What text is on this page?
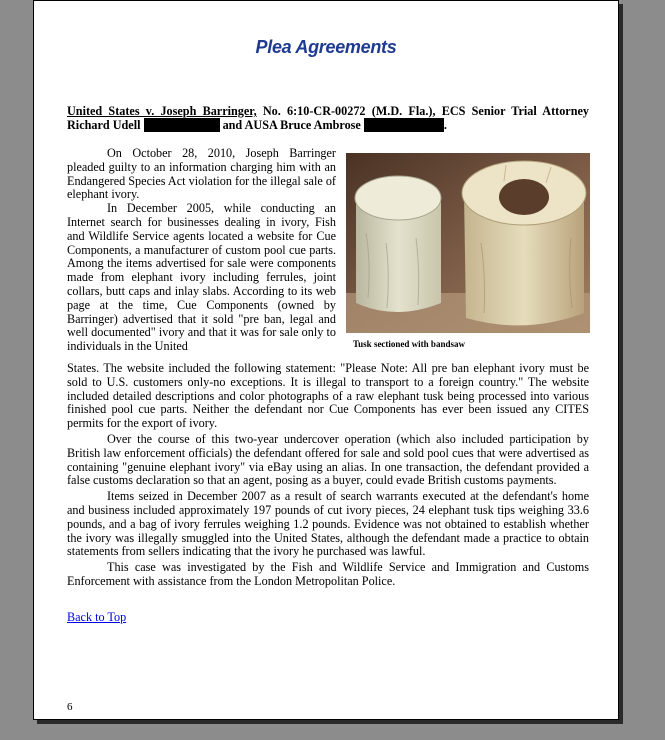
Plea Agreements
United States v. Joseph Barringer, No. 6:10-CR-00272 (M.D. Fla.), ECS Senior Trial Attorney Richard Udell	and AUSA Bruce Ambrose	.

On October 28, 2010, Joseph Barringer pleaded guilty to an information charging him with an Endangered Species Act violation for the illegal sale of elephant ivory.

In December 2005, while conducting an Internet search for businesses dealing in ivory, Fish and Wildlife Service agents located a website for Cue Components, a manufacturer of custom pool cue parts. Among the items advertised for sale were components made from elephant ivory including ferrules, joint collars, butt caps and inlay slabs. According to its web page at the time, Cue Components (owned by Barringer) advertised that it sold "pre ban, legal and well documented" ivory and that it was for sale only to individuals in the United	Tusk sectioned with bandsaw

States. The website included the following statement: "Please Note: All pre ban elephant ivory must be sold to U.S. customers only-no exceptions. It is illegal to transport to a foreign country." The website included detailed descriptions and color photographs of a raw elephant tusk being processed into various finished pool cue parts. Neither the defendant nor Cue Components has ever been issued any CITES permits for the export of ivory.

Over the course of this two-year undercover operation (which also included participation by British law enforcement officials) the defendant offered for sale and sold pool cues that were advertised as containing "genuine elephant ivory" via eBay using an alias. In one transaction, the defendant provided a false customs declaration so that an agent, posing as a buyer, could evade British customs payments.

Items seized in December 2007 as a result of search warrants executed at the defendant's home and business included approximately 197 pounds of cut ivory pieces, 24 elephant tusk tips weighing 33.6 pounds, and a bag of ivory ferrules weighing 1.2 pounds. Evidence was not obtained to establish whether the ivory was illegally smuggled into the United States, although the defendant made a practice to obtain statements from sellers indicating that the ivory he purchased was lawful.

This case was investigated by the Fish and Wildlife Service and Immigration and Customs Enforcement with assistance from the London Metropolitan Police.

Back to Top
6
